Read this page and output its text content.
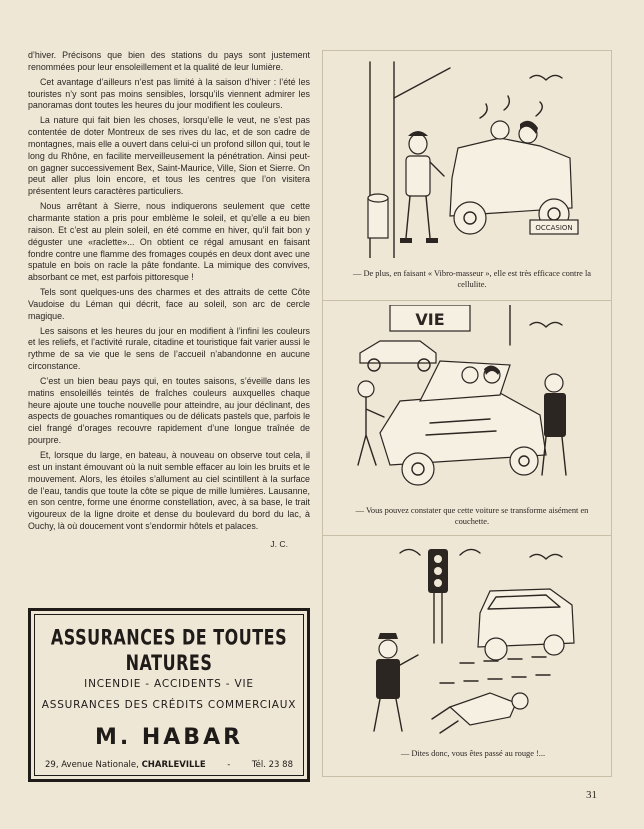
d’hiver. Précisons que bien des stations du pays sont justement renommées pour leur ensoleillement et la qualité de leur lumière.

Cet avantage d’ailleurs n’est pas limité à la saison d’hiver : l’été les touristes n’y sont pas moins sensibles, lorsqu’ils viennent admirer les panoramas dont toutes les heures du jour modifient les couleurs.

La nature qui fait bien les choses, lorsqu’elle le veut, ne s’est pas contentée de doter Montreux de ses rives du lac, et de son cadre de montagnes, mais elle a ouvert dans celui-ci un profond sillon qui, tout le long du Rhône, en facilite merveilleusement la pénétration. Ainsi peut-on gagner successivement Bex, Saint-Maurice, Ville, Sion et Sierre. On peut aller plus loin encore, et tous les centres que l’on visitera présentent leurs caractères particuliers.

Nous arrêtant à Sierre, nous indiquerons seulement que cette charmante station a pris pour emblème le soleil, et qu’elle a eu bien raison. Et c’est au plein soleil, en été comme en hiver, qu’il fait bon y déguster une «raclette»... On obtient ce régal amusant en faisant fondre contre une flamme des fromages coupés en deux dont avec une spatule en bois on racle la pâte fondante. La mimique des convives, absorbant ce met, est parfois pittoresque !

Tels sont quelques-uns des charmes et des attraits de cette Côte Vaudoise du Léman qui décrit, face au soleil, son arc de cercle magique.

Les saisons et les heures du jour en modifient à l’infini les couleurs et les reliefs, et l’activité rurale, citadine et touristique fait varier aussi le rythme de sa vie que le sens de l’accueil n’abandonne en aucune circonstance.

C’est un bien beau pays qui, en toutes saisons, s’éveille dans les matins ensoleillés teintés de fraîches couleurs auxquelles chaque heure ajoute une touche nouvelle pour atteindre, au jour déclinant, des aspects de gouaches romantiques ou de délicats pastels que, parfois le ciel frangé d’orages recouvre rapidement d’une longue traînée de pourpre.

Et, lorsque du large, en bateau, à nouveau on observe tout cela, il est un instant émouvant où la nuit semble effacer au loin les bruits et le mouvement. Alors, les étoiles s’allument au ciel scintillent à la surface de l’eau, tandis que toute la côte se pique de mille lumières. Lausanne, en son centre, forme une énorme constellation, avec, à sa base, le trait vigoureux de la ligne droite et dense du boulevard du bord du lac, à Ouchy, là où doucement vont s’endormir hôtels et palaces.

J. C.
ASSURANCES DE TOUTES NATURES
INCENDIE - ACCIDENTS - VIE
ASSURANCES DES CRÉDITS COMMERCIAUX
M. HABAR
29, Avenue Nationale, CHARLEVILLE	-	Tél. 23 88
OCCASION
— De plus, en faisant « Vibro-masseur », elle est très efficace contre la cellulite.
VIE
— Vous pouvez constater que cette voiture se transforme aisément en couchette.
— Dites donc, vous êtes passé au rouge !...
31
